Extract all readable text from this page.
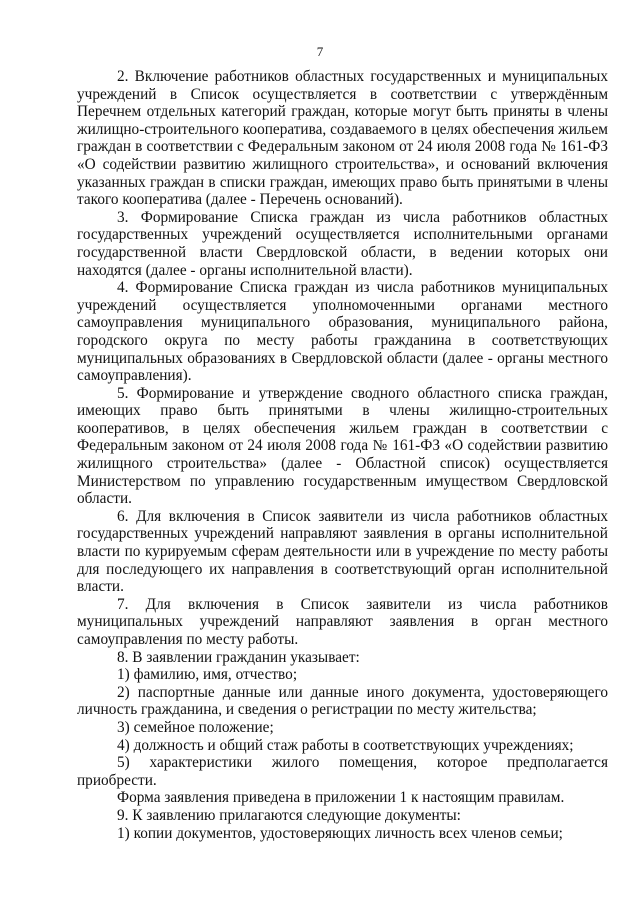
7

2. Включение работников областных государственных и муниципальных учреждений в Список осуществляется в соответствии с утверждённым Перечнем отдельных категорий граждан, которые могут быть приняты в члены жилищно-строительного кооператива, создаваемого в целях обеспечения жильем граждан в соответствии с Федеральным законом от 24 июля 2008 года № 161-ФЗ «О содействии развитию жилищного строительства», и оснований включения указанных граждан в списки граждан, имеющих право быть принятыми в члены такого кооператива (далее - Перечень оснований).

3. Формирование Списка граждан из числа работников областных государственных учреждений осуществляется исполнительными органами государственной власти Свердловской области, в ведении которых они находятся (далее - органы исполнительной власти).

4. Формирование Списка граждан из числа работников муниципальных учреждений осуществляется уполномоченными органами местного самоуправления муниципального образования, муниципального района, городского округа по месту работы гражданина в соответствующих муниципальных образованиях в Свердловской области (далее - органы местного самоуправления).

5. Формирование и утверждение сводного областного списка граждан, имеющих право быть принятыми в члены жилищно-строительных кооперативов, в целях обеспечения жильем граждан в соответствии с Федеральным законом от 24 июля 2008 года № 161-ФЗ «О содействии развитию жилищного строительства» (далее - Областной список) осуществляется Министерством по управлению государственным имуществом Свердловской области.

6. Для включения в Список заявители из числа работников областных государственных учреждений направляют заявления в органы исполнительной власти по курируемым сферам деятельности или в учреждение по месту работы для последующего их направления в соответствующий орган исполнительной власти.

7. Для включения в Список заявители из числа работников муниципальных учреждений направляют заявления в орган местного самоуправления по месту работы.

8. В заявлении гражданин указывает:

1) фамилию, имя, отчество;

2) паспортные данные или данные иного документа, удостоверяющего личность гражданина, и сведения о регистрации по месту жительства;

3) семейное положение;

4) должность и общий стаж работы в соответствующих учреждениях;

5) характеристики жилого помещения, которое предполагается приобрести.

Форма заявления приведена в приложении 1 к настоящим правилам.

9. К заявлению прилагаются следующие документы:

1) копии документов, удостоверяющих личность всех членов семьи;
